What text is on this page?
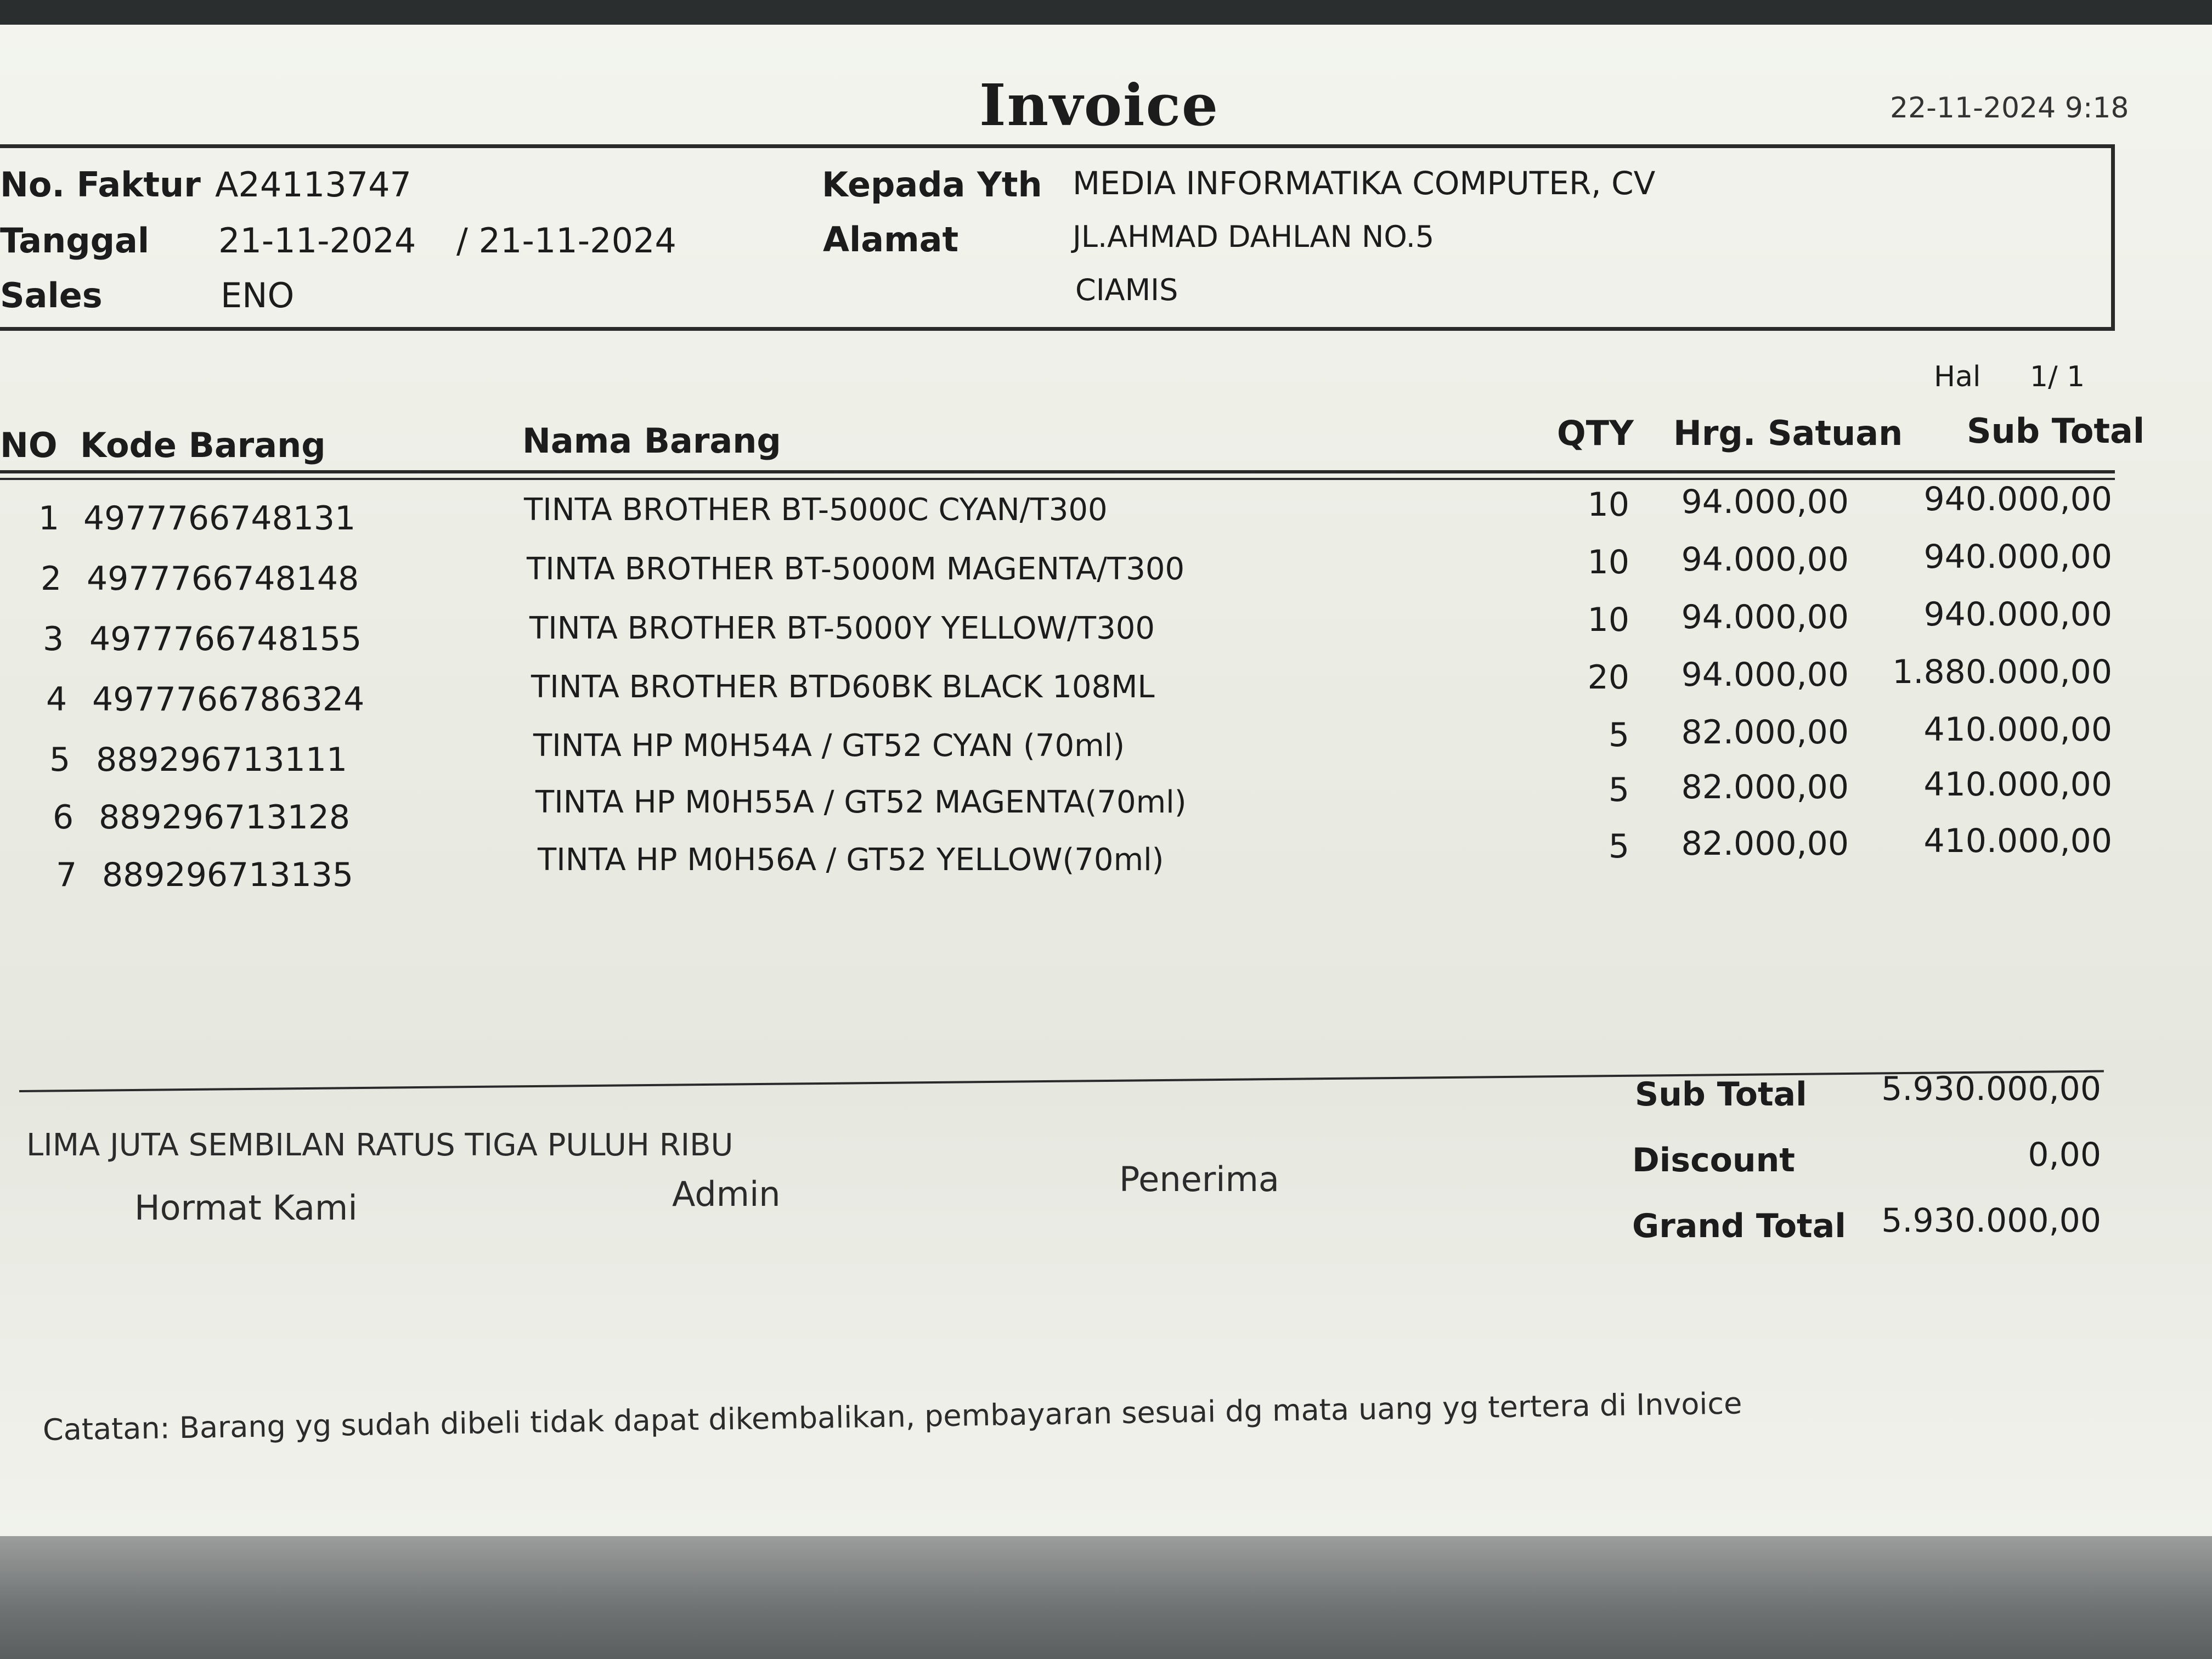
Invoice	22-11-2024 9:18
No. Faktur A24113747
Tanggal 21-11-2024 / 21-11-2024
Sales	ENO
Kepada Yth MEDIA INFORMATIKA COMPUTER, CV
Alamat	JL.AHMAD DAHLAN NO.5
CIAMIS
Hal 1/ 1
NO Kode Barang	Nama Barang	QTY Hrg. Satuan Sub Total
1 4977766748131	TINTA BROTHER BT-5000C CYAN/T300	10	94.000,00	940.000,00
2 4977766748148	TINTA BROTHER BT-5000M MAGENTA/T300	10	94.000,00	940.000,00
3 4977766748155	TINTA BROTHER BT-5000Y YELLOW/T300	10	94.000,00	940.000,00
4 4977766786324	TINTA BROTHER BTD60BK BLACK 108ML	20	94.000,00	1.880.000,00
5 889296713111	TINTA HP M0H54A / GT52 CYAN (70ml)	5	82.000,00	410.000,00
6 889296713128	TINTA HP M0H55A / GT52 MAGENTA(70ml)	5	82.000,00	410.000,00
7 889296713135	TINTA HP M0H56A / GT52 YELLOW(70ml)	5	82.000,00	410.000,00
LIMA JUTA SEMBILAN RATUS TIGA PULUH RIBU
Hormat Kami	Admin	Penerima
Sub Total	5.930.000,00
Discount	0,00
Grand Total	5.930.000,00
Catatan: Barang yg sudah dibeli tidak dapat dikembalikan, pembayaran sesuai dg mata uang yg tertera di Invoice
